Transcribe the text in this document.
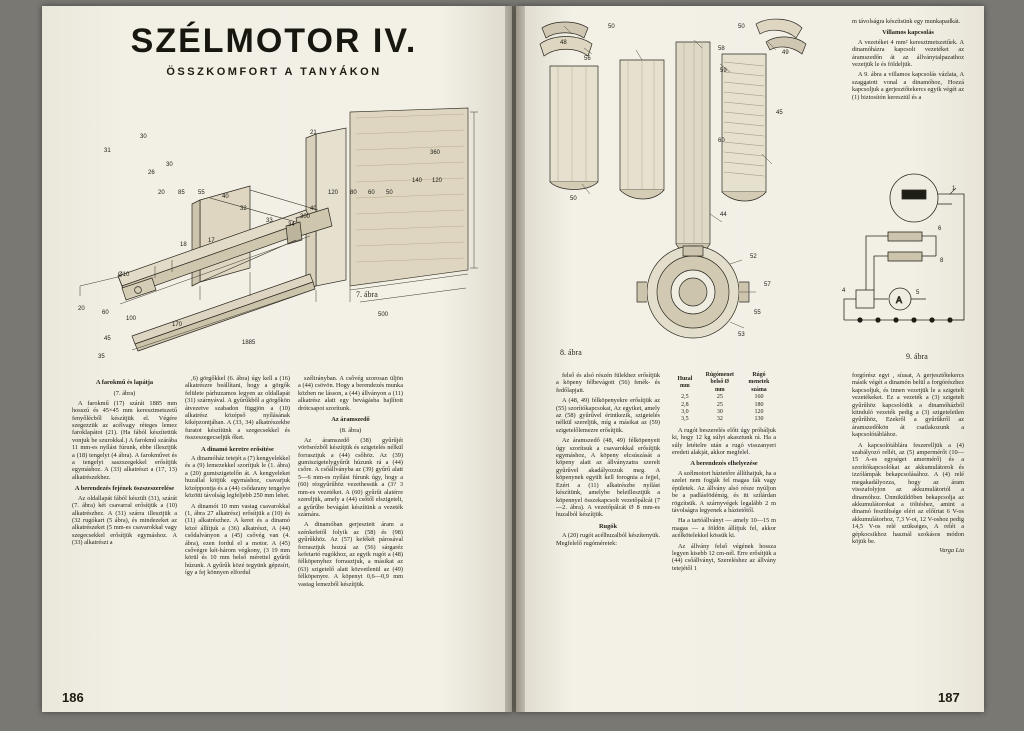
SZÉLMOTOR IV.
ÖSSZKOMFORT A TANYÁKON
30
31
26
21
30
20 85 55
40
32
33
34
40
17
18
360
300
120 80 60 50
140 120
Ø10
20
60
100
170
1885
500
45
35
7. ábra
A farokmű és lapátja
(7. ábra)

A farokmű (17) szárát 1885 mm hosszú és 45×45 mm keresztmetszetű fenyőlécből készítjük el. Végére szegezzük az acélvagy réteges lemez faroklapátot (21). (Ha fából készítettük vonjuk be szurokkal.) A farokmű szárába 11 mm-es nyílást fúrunk, ebbe illesztjük a (18) tengelyt (4 ábra). A farokművet és a tengelyt saszszegekkel erősítjük egymáshoz. A (33) alkatrészt a (17, 13) alkatrészekhez.

A berendezés fejének öszszeszerelése

Az oldallapát fából készült (31), szárát (7. ábra) két csavarral erősítjük a (10) alkatrészhez. A (31) szárra illesztjük a (32 rugókart (5 ábra), és mindezeket az alkatrészeket (5 mm-es csavarokkal vagy szegecsekkel erősítjük egymáshoz. A (33) alkatrészt a

,6) görgőkkel (6. ábra) úgy kell a (16) alkatrészre beállítani, hogy a görgők felülete párhuzamos legyen az oldallapát (31) szárnyával. A gyűrűkből a görgőkön átvezetve szabadon függjön a (10) alkatrész középső nyílásának kiképzontjában. A (33, 34) alkatrészekbe furatot készítünk a szegecsekkel és összeszegecseljük őket.

A dinamó keretre erősítése

A dinamóház tetejét a (7) kengyelekkel és a (9) lemezekkel szorítjuk le (1. ábra) a (20) gumiszigetelőn át. A kengyeleket huzallal kötjük egymáshoz, csavarjuk középpontja és a (44) csődarany tengelye közötti távolság legfeljebb 250 mm lehet.

A dinamót 10 mm vastag csavarokkal (1, ábra 27 alkatrész) erősítjük a (10) és (11) alkatrészhez. A keret és a dinamó közé állítjuk a (36) alkatrészt, A (44) csődalványon a (45) csővég van (4. ábra), ezen fordul el a motor. A (45) csővégre két-három végkony, (3 19 mm körül és 10 mm belső mérettel gyűrűt húzunk. A gyűrűk közé tegyünk gépzsírt, így a fej könnyen elfordul

szélirányban. A csővég szorosan üljön a (44) csövön. Hogy a berendezés munka közben ne lásson, a (44) állványon a (11) alkatrész alatt egy bevágásba hajlított drótcsapot szorítunk.

Az áramszedő
(8. ábra)

Az áramszedő (38) gyűrűjét vörösrézből készítjük és szigetelés nélkül forrasztjuk a (44) csőhöz. Az (39) gumiszigetelygyűrűt húzunk rá a (44) csőre. A csőállványba az (39) gyűrű alatt 5—6 mm-es nyílást fúrunk úgy, hogy a (60) rézgyűrűhöz vezethessük a (3? 3 mm-es vezetéket. A (60) gyűrűt alatérre szereljük, amely a (44) csőtől elszigetelt, a gyűrűbe bevágást készítünk a vezeték számára.

A dinamóban gerjesztett áram a szénkefetől folyik az (58) és (98) gyűrűkhöz. Az (57) kefékét párosával forrasztjuk hozzá az (56) sárgaréz kefetartó rugókhoz, az egyik rugót a (48) félköpenyhez forrasztjuk, a másikat az (63) szigetelő alatt közvetlenül az (49) félköpenyre. A köpenyt 0,6—0,9 mm vastag lemezből készítjük.

186
50	50
48
56
58
49
59
45
60
50
44
52
57
55
53
8. ábra
A
1
4	5
6
8
9. ábra

felső és alsó részén fülekhez erősítjük a köpeny félbevágott (56) fenék- és fedőlapjait.

A (48, 49) félköpenyekre erősítjük az (55) szorítókapcsokat, Az egyiket, amely az (58) gyűrűvel érintkezik, szigetelés nélkül szereljük, míg a másikat az (59) szigetelőlemezre erősítjük.

Az áramszedő (48, 49) félköpenyeit úgy szorítsuk a csavarokkal erősítjük egymáshoz, A köpeny elcsúszását a köpeny alatt az állványzatra szerelt gyűrűvel akadályozzuk meg. A köpenynek egyült kell forognia a fejjel, Ezért a (11) alkatrészbe nyílást készítünk, amelybe beleillesztjük a köpennyel összekapcsolt vezetőpálcát (7—2. ábra). A vezetőpálcát Ø 8 mm-es huzalból készítjük.

Rugók

A (20) rugót acélhuzalból készítenyük. Megfelelő rugóméretek:

Huzal
mm	Rúgómenet
belső Ø
mm	Rúgó
menetek
száma
2,5	25	160
2,8	25	180
3,0	30	120
3,5	32	130

A rugót beszerelés előtt úgy próbáljuk ki, hogy 12 kg súlyt akasztunk rá. Ha a súly letételre után a rugó visszanyeri eredeti alakját, akkor megfelel.

A berendezés elhelyezése

A szélmotort háztetőre állíthatjuk, ha a szelet nem fogják fel magas fák vagy épületek. Az állvány alsó része nyúljon be a padlásfödémig, és itt szilárdan rögzítsük. A szárnyvégek legalább 2 m távolságra legyenek a háztetőtől.

Ha a tartóállványt — amely 10—15 m magas — a földön állítjuk fel, akkor acélkötelekkel kössük ki.

Az állvány felső végének hossza legyen kisebb 12 cm-nél. Erre erősítjük a (44) csőállványt, Szereléshez az állvány tetejétől 1

m távolságra készítsünk egy munkapadkát.

Villamos kapcsolás

A vezetéket 4 mm² keresztmetszetűek. A dinamóházra kapcsolt vezetéket az áramszedőn át az állványtalpazathoz vezetjük le és földeljük.

A 9. ábra a villamos kapcsolás vázlata, A szaggatott vonal a dinamóhoz, Hozzá kapcsoljuk a gerjesztőtekercs egyik végét az (1) biztosítón keresztül és a

forgórész egyi , síusat, A gerjesztőtekercs másik végét a dinamón belül a forgórészhez kapcsoljuk, és innen vezetjük le a szigetelt vezetékeket. Ez a vezeték a (3) szigetelt gyűrűhöz kapcsolódik a dinamóházból kitnduló vezeték pedig a (3) szigeteletlen gyűrűhöz, Ezekről a gyűrűkről az áramszedőkön át csatlakozunk a kapcsolótáblához.

A kapcsolótáblára feszerelljük a (4) szabályozó rellét, az (5) ampermérőt (10—15 A-es egységet amermérő) és a szorítókapcsolókat az akkumulátorok és izzólámpák bekapcsolásához. A (4) relé megakadályozza, hogy az áram visszafolyjon az akkumulátortól a dinamóhoz. Ünmiküldöben bekapcsolja az akkumulátorokat a töltéshez, amint a dinamó feszültsége eléri az előírtat 6 V-os akkumulátorhoz, 7,3 V-ot, 12 V-oshoz pedig 14,5 V-os relé szükséges, A relét a gépkocsikhoz használ szokásos módon köjük be.

Varga Lia

187
